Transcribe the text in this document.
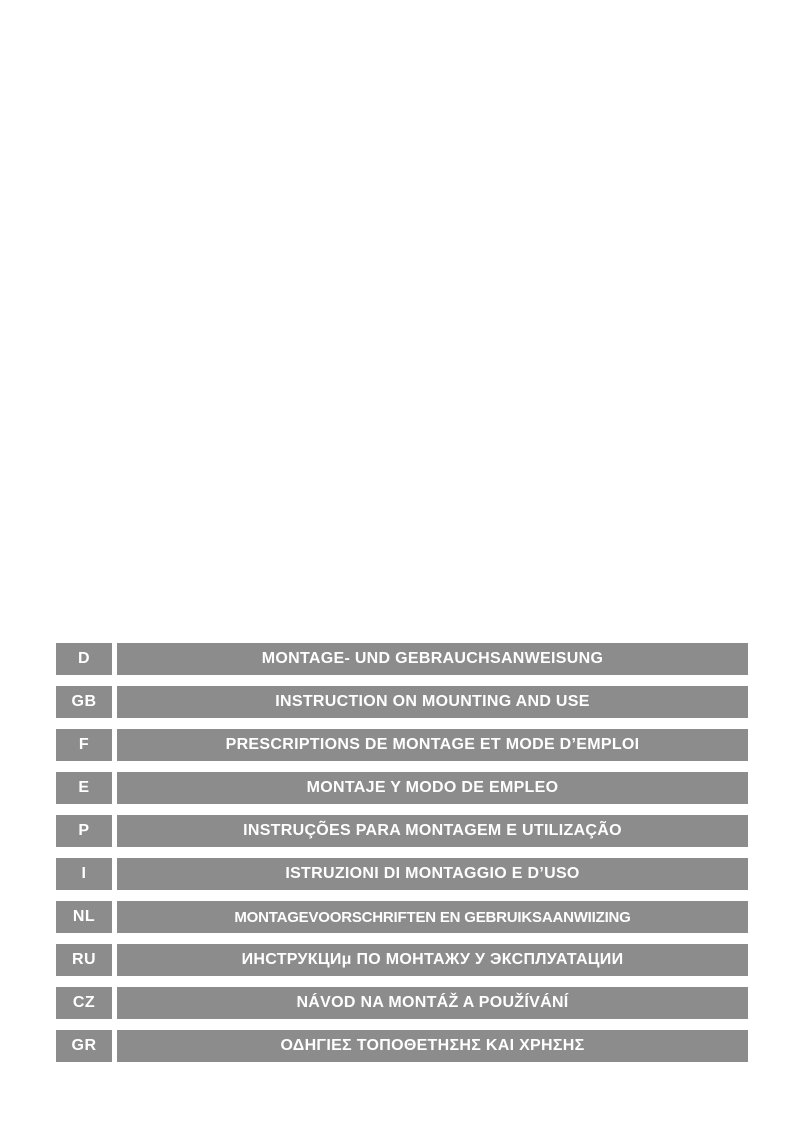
D	MONTAGE- UND GEBRAUCHSANWEISUNG
GB	INSTRUCTION ON MOUNTING AND USE
F	PRESCRIPTIONS DE MONTAGE ET MODE D’EMPLOI
E	MONTAJE Y MODO DE EMPLEO
P	INSTRUÇÕES PARA MONTAGEM E UTILIZAÇÃO
I	ISTRUZIONI DI MONTAGGIO E D’USO
NL	MONTAGEVOORSCHRIFTEN EN GEBRUIKSAANWIIZING
RU	ИНСТРУКЦИμ ПО МОНТАЖУ У ЭКСПЛУАТАЦИИ
CZ	NÁVOD NA MONTÁŽ A POUŽÍVÁNÍ
GR	ΟΔΗΓΙΕΣ ΤΟΠΟΘΕΤΗΣΗΣ ΚΑΙ ΧΡΗΣΗΣ
